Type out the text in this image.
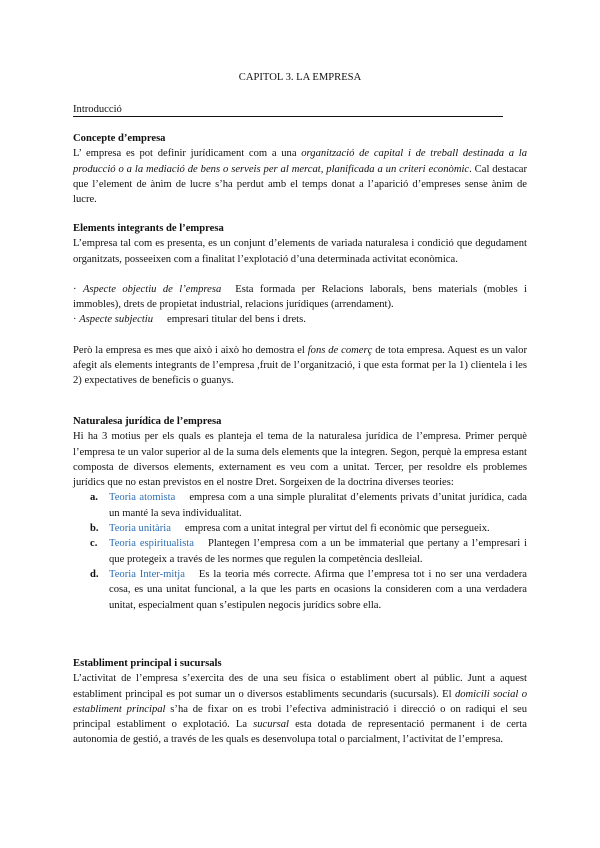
CAPITOL 3. LA EMPRESA
Introducció

Concepte d’empresa

L’ empresa es pot definir jurídicament com a una organització de capital i de treball destinada a la producció o a la mediació de bens o serveis per al mercat, planificada a un criteri econòmic. Cal destacar que l’element de ànim de lucre s’ha perdut amb el temps donat a l’aparició d’empreses sense ànim de lucre.

Elements integrants de l’empresa

L’empresa tal com es presenta, es un conjunt d’elements de variada naturalesa i condició que degudament organitzats, posseeixen com a finalitat l’explotació d’una determinada activitat econòmica.

· Aspecte objectiu de l’empresa Esta formada per Relacions laborals, bens materials (mobles i immobles), drets de propietat industrial, relacions jurídiques (arrendament).

· Aspecte subjectiu empresari titular del bens i drets.

Però la empresa es mes que això i això ho demostra el fons de comerç de tota empresa. Aquest es un valor afegit als elements integrants de l’empresa ,fruit de l’organització, i que esta format per la 1) clientela i les 2) expectatives de beneficis o guanys.

Naturalesa jurídica de l’empresa

Hi ha 3 motius per els quals es planteja el tema de la naturalesa jurídica de l’empresa. Primer perquè l’empresa te un valor superior al de la suma dels elements que la integren. Segon, perquè la empresa estant composta de diversos elements, externament es veu com a unitat. Tercer, per resoldre els problemes jurídics que no estan previstos en el nostre Dret. Sorgeixen de la doctrina diverses teories:

a. Teoria atomista empresa com a una simple pluralitat d’elements privats d’unitat jurídica, cada un manté la seva individualitat.
b. Teoria unitària empresa com a unitat integral per virtut del fi econòmic que persegueix.
c. Teoria espiritualista Plantegen l’empresa com a un be immaterial que pertany a l’empresari i que protegeix a través de les normes que regulen la competència deslleial.
d. Teoria Inter-mitja Es la teoria més correcte. Afirma que l’empresa tot i no ser una verdadera cosa, es una unitat funcional, a la que les parts en ocasions la consideren com a una verdadera unitat, especialment quan s’estipulen negocis jurídics sobre ella.

Establiment principal i sucursals

L’activitat de l’empresa s’exercita des de una seu física o establiment obert al públic. Junt a aquest establiment principal es pot sumar un o diversos establiments secundaris (sucursals). El domicili social o establiment principal s’ha de fixar on es trobi l’efectiva administració i direcció o on radiqui el seu principal establiment o explotació. La sucursal esta dotada de representació permanent i de certa autonomia de gestió, a través de les quals es desenvolupa total o parcialment, l’activitat de l’empresa.
